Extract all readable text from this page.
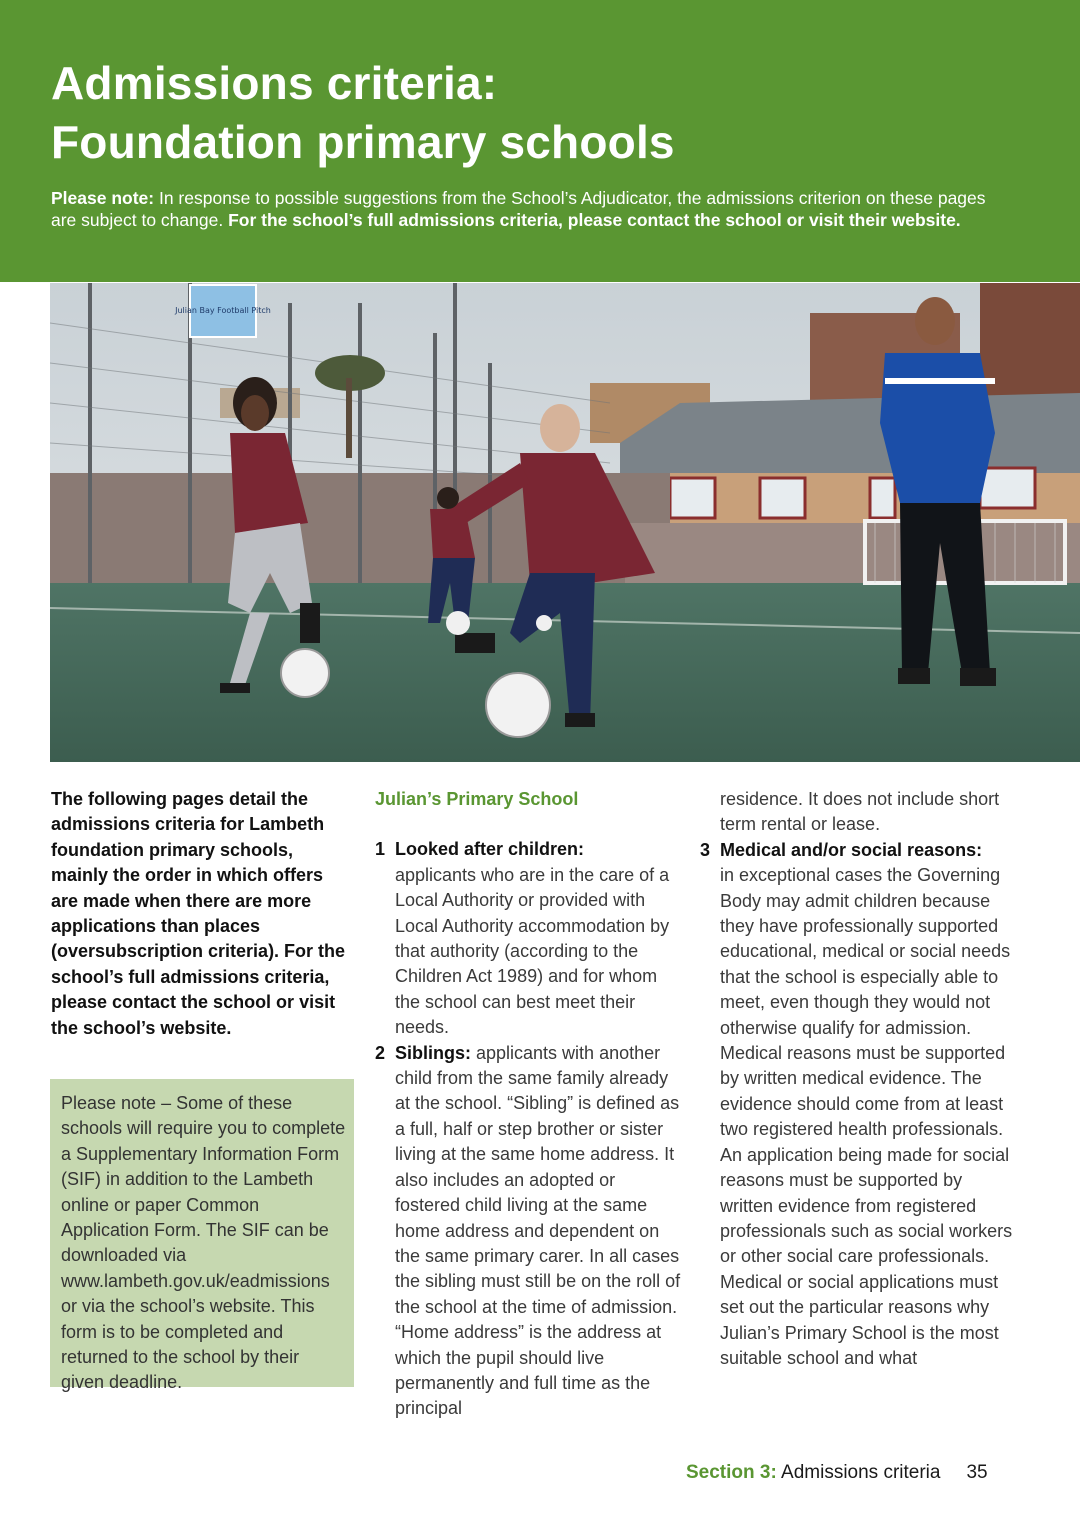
Admissions criteria:
Foundation primary schools

Please note: In response to possible suggestions from the School’s Adjudicator, the admissions criterion on these pages are subject to change. For the school’s full admissions criteria, please contact the school or visit their website.

Julian Bay Football Pitch

The following pages detail the admissions criteria for Lambeth foundation primary schools, mainly the order in which offers are made when there are more applications than places (oversubscription criteria). For the school’s full admissions criteria, please contact the school or visit the school’s website.

Please note – Some of these schools will require you to complete a Supplementary Information Form (SIF) in addition to the Lambeth online or paper Common Application Form. The SIF can be downloaded via www.lambeth.gov.uk/eadmissions or via the school’s website. This form is to be completed and returned to the school by their given deadline.

Julian’s Primary School

1 Looked after children:
applicants who are in the care of a Local Authority or provided with Local Authority accommodation by that authority (according to the Children Act 1989) and for whom the school can best meet their needs.

2 Siblings: applicants with another child from the same family already at the school. “Sibling” is defined as a full, half or step brother or sister living at the same home address. It also includes an adopted or fostered child living at the same home address and dependent on the same primary carer. In all cases the sibling must still be on the roll of the school at the time of admission. “Home address” is the address at which the pupil should live permanently and full time as the principal

residence. It does not include short term rental or lease.

3 Medical and/or social reasons:
in exceptional cases the Governing Body may admit children because they have professionally supported educational, medical or social needs that the school is especially able to meet, even though they would not otherwise qualify for admission. Medical reasons must be supported by written medical evidence. The evidence should come from at least two registered health professionals. An application being made for social reasons must be supported by written evidence from registered professionals such as social workers or other social care professionals. Medical or social applications must set out the particular reasons why Julian’s Primary School is the most suitable school and what

Section 3: Admissions criteria 35
